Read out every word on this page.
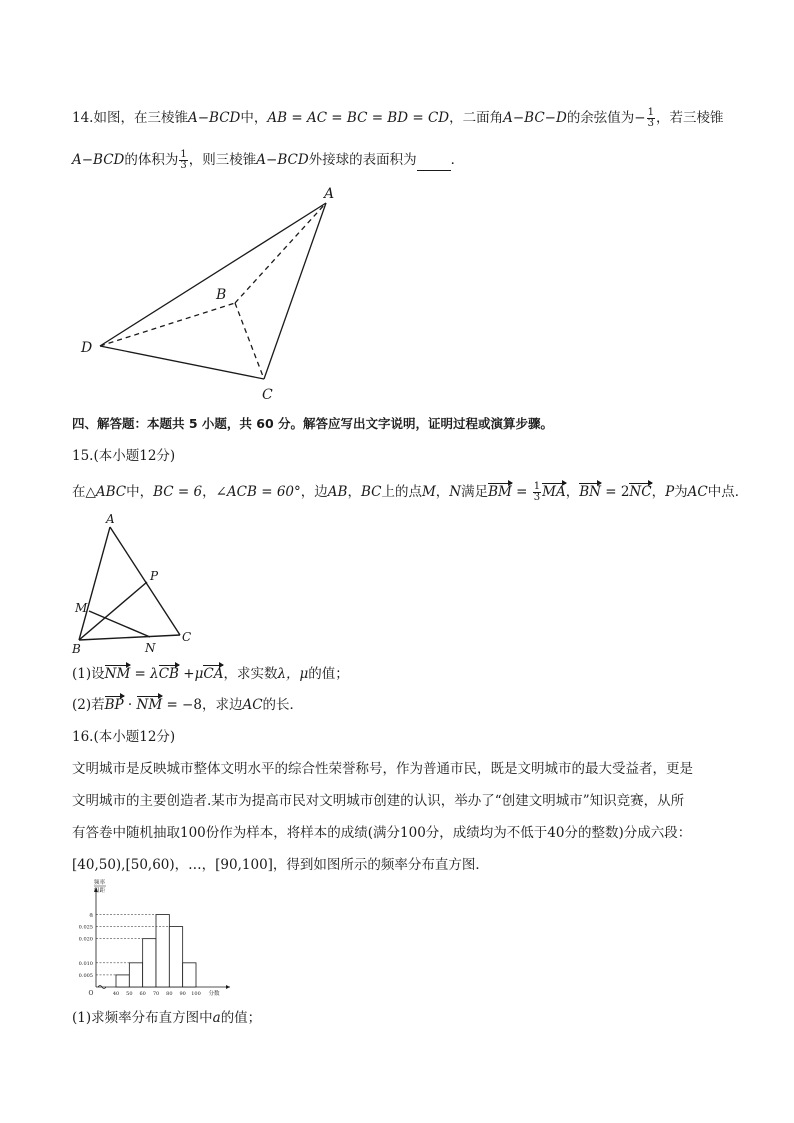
14.如图，在三棱锥A−BCD中，AB = AC = BC = BD = CD，二面角A−BC−D的余弦值为− $\frac{1}{3}$ ，若三棱锥
A−BCD的体积为 $\frac{1}{3}$ ，则三棱锥A−BCD外接球的表面积为	．
A
B
C
D
四、解答题：本题共 5 小题，共 60 分。解答应写出文字说明，证明过程或演算步骤。
15.(本小题12分)
在△ABC中，BC = 6，∠ACB = 60°，边AB，BC上的点M，N满足BM = $\frac{1}{3}$ MA，BN = 2NC，P为AC中点．
A
B
C
M
N
P
(1)设NM = λCB +μCA，求实数λ，μ的值；
(2)若BP · NM = −8，求边AC的长．
16.(本小题12分)
文明城市是反映城市整体文明水平的综合性荣誉称号，作为普通市民，既是文明城市的最大受益者，更是
文明城市的主要创造者.某市为提高市民对文明城市创建的认识，举办了“创建文明城市”知识竞赛，从所
有答卷中随机抽取100份作为样本，将样本的成绩(满分100分，成绩均为不低于40分的整数)分成六段：
[40,50),[50,60)，…，[90,100]，得到如图所示的频率分布直方图．
频率
组距
0.005
0.010
0.020
0.025
a
40 50 60 70 80 90 100 分数
O
(1)求频率分布直方图中a的值；
